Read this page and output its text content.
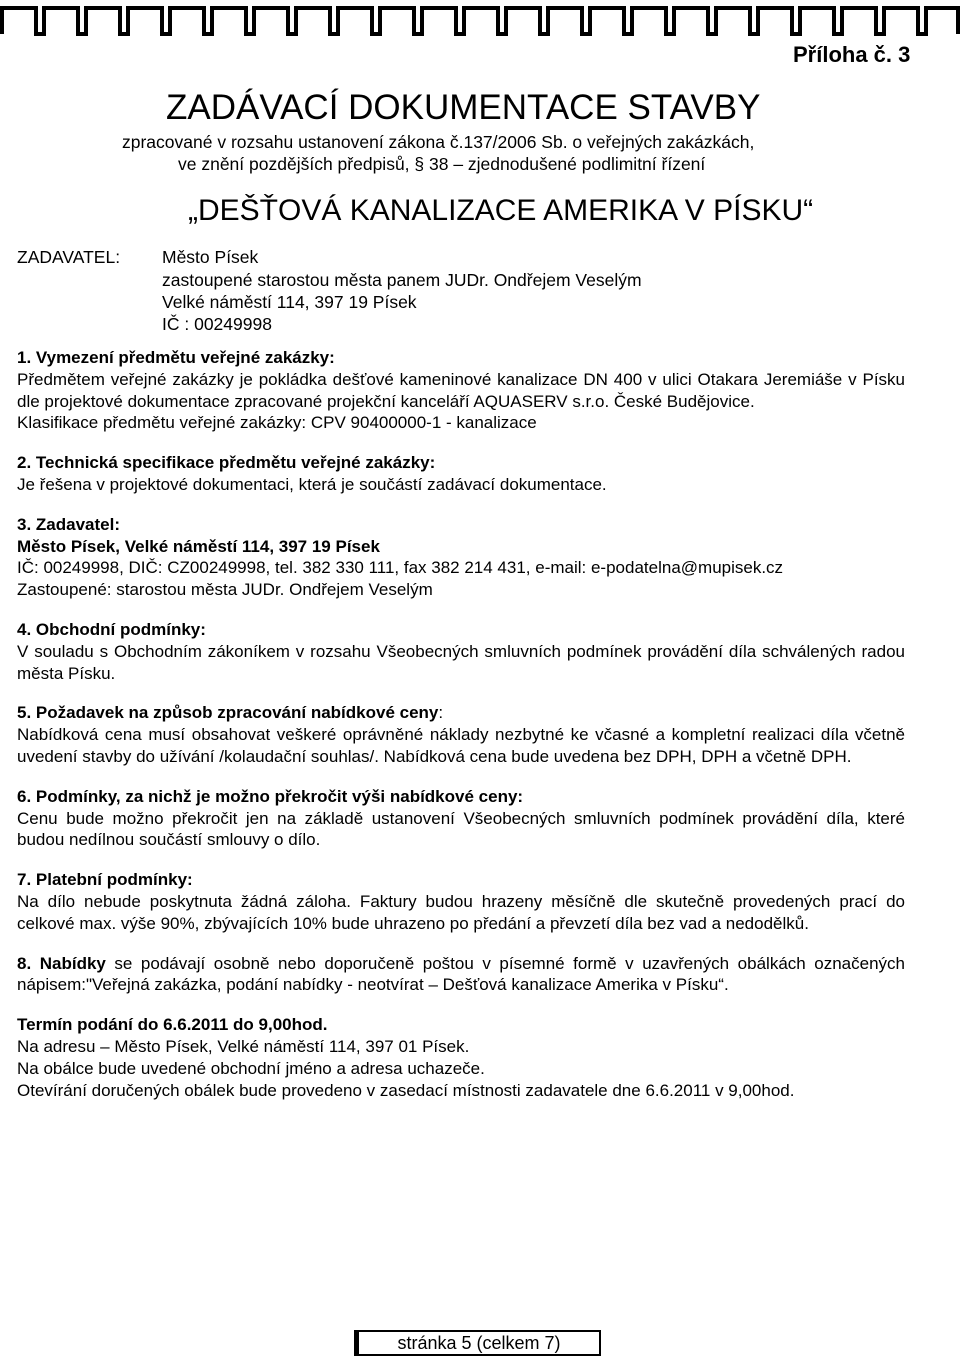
Příloha č. 3
ZADÁVACÍ DOKUMENTACE STAVBY
zpracované v rozsahu ustanovení zákona č.137/2006 Sb. o veřejných zakázkách,
ve znění pozdějších předpisů, § 38 – zjednodušené podlimitní řízení
„DEŠŤOVÁ KANALIZACE AMERIKA V PÍSKU“
ZADAVATEL: Město Písek
zastoupené starostou města panem JUDr. Ondřejem Veselým
Velké náměstí 114, 397 19 Písek
IČ : 00249998
1. Vymezení předmětu veřejné zakázky:
Předmětem veřejné zakázky je pokládka dešťové kameninové kanalizace DN 400 v ulici Otakara Jeremiáše v Písku dle projektové dokumentace zpracované projekční kanceláří AQUASERV s.r.o. České Budějovice.
Klasifikace předmětu veřejné zakázky: CPV 90400000-1 - kanalizace
2. Technická specifikace předmětu veřejné zakázky:
Je řešena v projektové dokumentaci, která je součástí zadávací dokumentace.
3. Zadavatel:
Město Písek, Velké náměstí 114, 397 19 Písek
IČ: 00249998, DIČ: CZ00249998, tel. 382 330 111, fax 382 214 431, e-mail: e-podatelna@mupisek.cz
Zastoupené: starostou města JUDr. Ondřejem Veselým
4. Obchodní podmínky:
V souladu s Obchodním zákoníkem v rozsahu Všeobecných smluvních podmínek provádění díla schválených radou města Písku.
5. Požadavek na způsob zpracování nabídkové ceny:
Nabídková cena musí obsahovat veškeré oprávněné náklady nezbytné ke včasné a kompletní realizaci díla včetně uvedení stavby do užívání /kolaudační souhlas/. Nabídková cena bude uvedena bez DPH, DPH a včetně DPH.
6. Podmínky, za nichž je možno překročit výši nabídkové ceny:
Cenu bude možno překročit jen na základě ustanovení Všeobecných smluvních podmínek provádění díla, které budou nedílnou součástí smlouvy o dílo.
7. Platební podmínky:
Na dílo nebude poskytnuta žádná záloha. Faktury budou hrazeny měsíčně dle skutečně provedených prací do celkové max. výše 90%, zbývajících 10% bude uhrazeno po předání a převzetí díla bez vad a nedodělků.
8. Nabídky se podávají osobně nebo doporučeně poštou v písemné formě v uzavřených obálkách označených nápisem:"Veřejná zakázka, podání nabídky - neotvírat – Dešťová kanalizace Amerika v Písku“.
Termín podání do 6.6.2011 do 9,00hod.
Na adresu – Město Písek, Velké náměstí 114, 397 01 Písek.
Na obálce bude uvedené obchodní jméno a adresa uchazeče.
Otevírání doručených obálek bude provedeno v zasedací místnosti zadavatele dne 6.6.2011 v 9,00hod.
stránka 5 (celkem 7)
